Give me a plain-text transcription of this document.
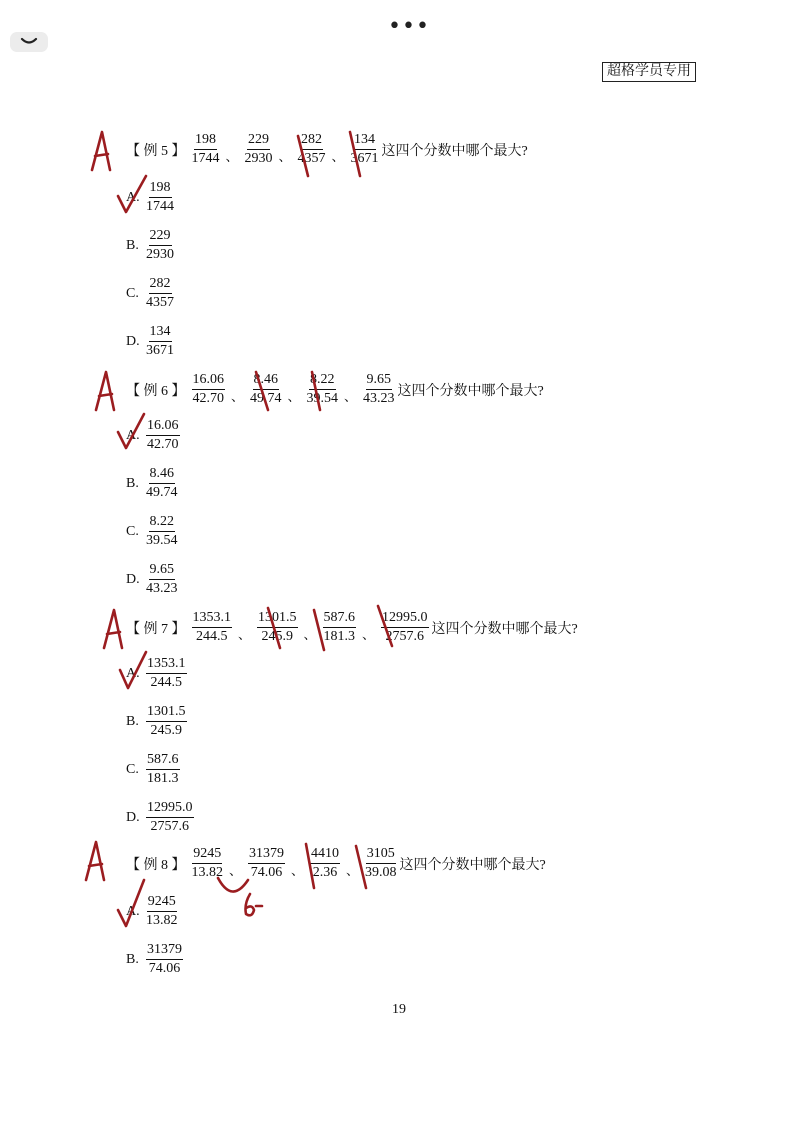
•••
超格学员专用
【 例 5 】 $\frac{198}{1744}$ 、 $\frac{229}{2930}$ 、 $\frac{282}{4357}$ 、 $\frac{134}{3671}$ 这四个分数中哪个最大?
A. $\frac{198}{1744}$
B. $\frac{229}{2930}$
C. $\frac{282}{4357}$
D. $\frac{134}{3671}$
【 例 6 】 $\frac{16.06}{42.70}$ 、 $\frac{8.46}{49.74}$ 、 $\frac{8.22}{39.54}$ 、 $\frac{9.65}{43.23}$ 这四个分数中哪个最大?
A. $\frac{16.06}{42.70}$
B. $\frac{8.46}{49.74}$
C. $\frac{8.22}{39.54}$
D. $\frac{9.65}{43.23}$
【 例 7 】 $\frac{1353.1}{244.5}$ 、 $\frac{1301.5}{245.9}$ 、 $\frac{587.6}{181.3}$ 、 $\frac{12995.0}{2757.6}$ 这四个分数中哪个最大?
A. $\frac{1353.1}{244.5}$
B. $\frac{1301.5}{245.9}$
C. $\frac{587.6}{181.3}$
D. $\frac{12995.0}{2757.6}$
【 例 8 】 $\frac{9245}{13.82}$ 、 $\frac{31379}{74.06}$ 、 $\frac{4410}{2.36}$ 、 $\frac{3105}{39.08}$ 这四个分数中哪个最大?
A. $\frac{9245}{13.82}$
B. $\frac{31379}{74.06}$
19
